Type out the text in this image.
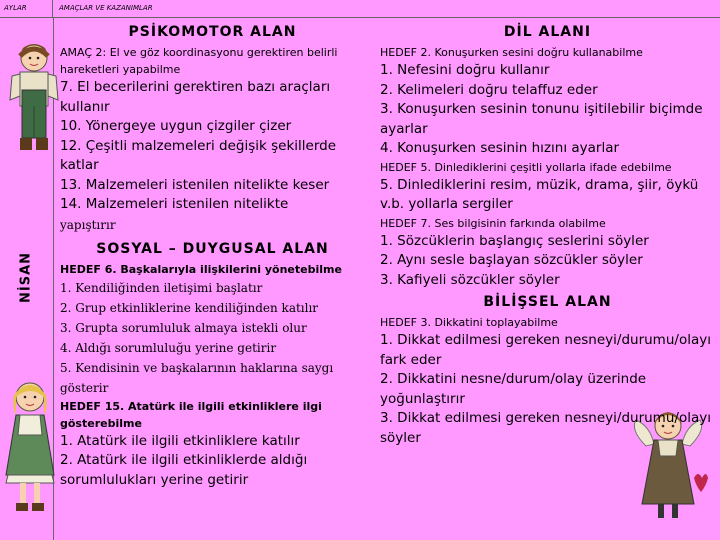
AYLAR	AMAÇLAR VE KAZANIMLAR
NİSAN
PSİKOMOTOR ALAN
AMAÇ 2: El ve göz koordinasyonu gerektiren belirli hareketleri yapabilme
7. El becerilerini gerektiren bazı araçları kullanır
10. Yönergeye uygun çizgiler çizer
12. Çeşitli malzemeleri değişik şekillerde katlar
13. Malzemeleri istenilen nitelikte keser
14. Malzemeleri istenilen nitelikte
yapıştırır
SOSYAL – DUYGUSAL ALAN
HEDEF 6. Başkalarıyla ilişkilerini yönetebilme
1. Kendiliğinden iletişimi başlatır
2. Grup etkinliklerine kendiliğinden katılır
3. Grupta sorumluluk almaya istekli olur
4. Aldığı sorumluluğu yerine getirir
5. Kendisinin ve başkalarının haklarına saygı gösterir
HEDEF 15. Atatürk ile ilgili etkinliklere ilgi gösterebilme
1. Atatürk ile ilgili etkinliklere katılır
2. Atatürk ile ilgili etkinliklerde aldığı sorumlulukları yerine getirir
DİL ALANI
HEDEF 2. Konuşurken sesini doğru kullanabilme
1. Nefesini doğru kullanır
2. Kelimeleri doğru telaffuz eder
3. Konuşurken sesinin tonunu işitilebilir biçimde ayarlar
4. Konuşurken sesinin hızını ayarlar
HEDEF 5. Dinlediklerini çeşitli yollarla ifade edebilme
5. Dinlediklerini resim, müzik, drama, şiir, öykü v.b. yollarla sergiler
HEDEF 7. Ses bilgisinin farkında olabilme
1. Sözcüklerin başlangıç seslerini söyler
2. Aynı sesle başlayan sözcükler söyler
3. Kafiyeli sözcükler söyler
BİLİŞSEL ALAN
HEDEF 3. Dikkatini toplayabilme
1. Dikkat edilmesi gereken nesneyi/durumu/olayı fark eder
2. Dikkatini nesne/durum/olay üzerinde yoğunlaştırır
3. Dikkat edilmesi gereken nesneyi/durumu/olayı söyler
